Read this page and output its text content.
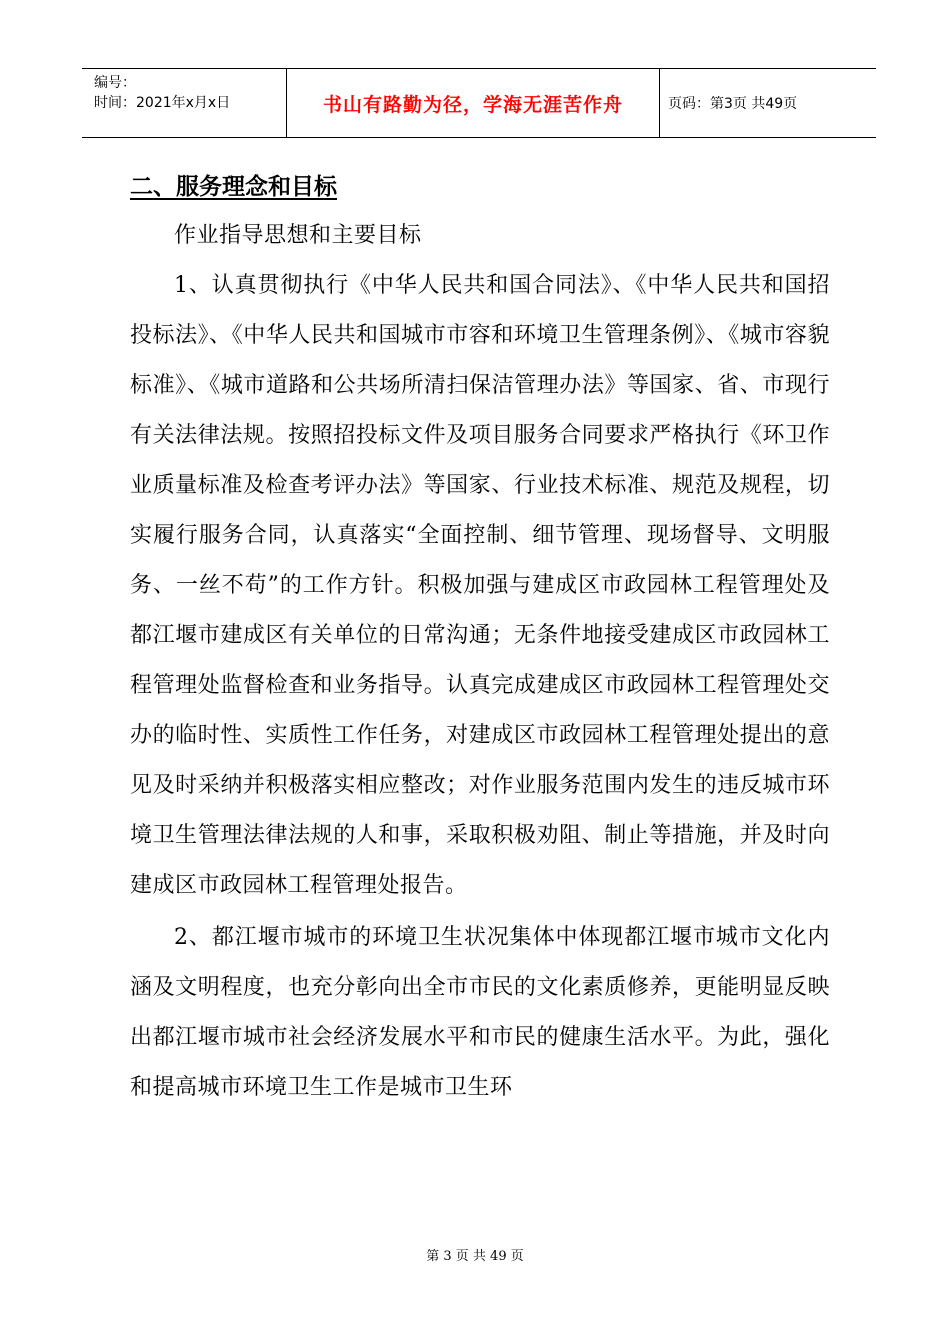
编号：
时间：2021年x月x日	书山有路勤为径，学海无涯苦作舟	页码：第3页 共49页
二、服务理念和目标

作业指导思想和主要目标

1、认真贯彻执行《中华人民共和国合同法》、《中华人民共和国招投标法》、《中华人民共和国城市市容和环境卫生管理条例》、《城市容貌标准》、《城市道路和公共场所清扫保洁管理办法》等国家、省、市现行有关法律法规。按照招投标文件及项目服务合同要求严格执行《环卫作业质量标准及检查考评办法》等国家、行业技术标准、规范及规程，切实履行服务合同，认真落实“全面控制、细节管理、现场督导、文明服务、一丝不苟”的工作方针。积极加强与建成区市政园林工程管理处及都江堰市建成区有关单位的日常沟通；无条件地接受建成区市政园林工程管理处监督检查和业务指导。认真完成建成区市政园林工程管理处交办的临时性、实质性工作任务，对建成区市政园林工程管理处提出的意见及时采纳并积极落实相应整改；对作业服务范围内发生的违反城市环境卫生管理法律法规的人和事，采取积极劝阻、制止等措施，并及时向建成区市政园林工程管理处报告。

2、都江堰市城市的环境卫生状况集体中体现都江堰市城市文化内涵及文明程度，也充分彰向出全市市民的文化素质修养，更能明显反映出都江堰市城市社会经济发展水平和市民的健康生活水平。为此，强化和提高城市环境卫生工作是城市卫生环

第 3 页 共 49 页
